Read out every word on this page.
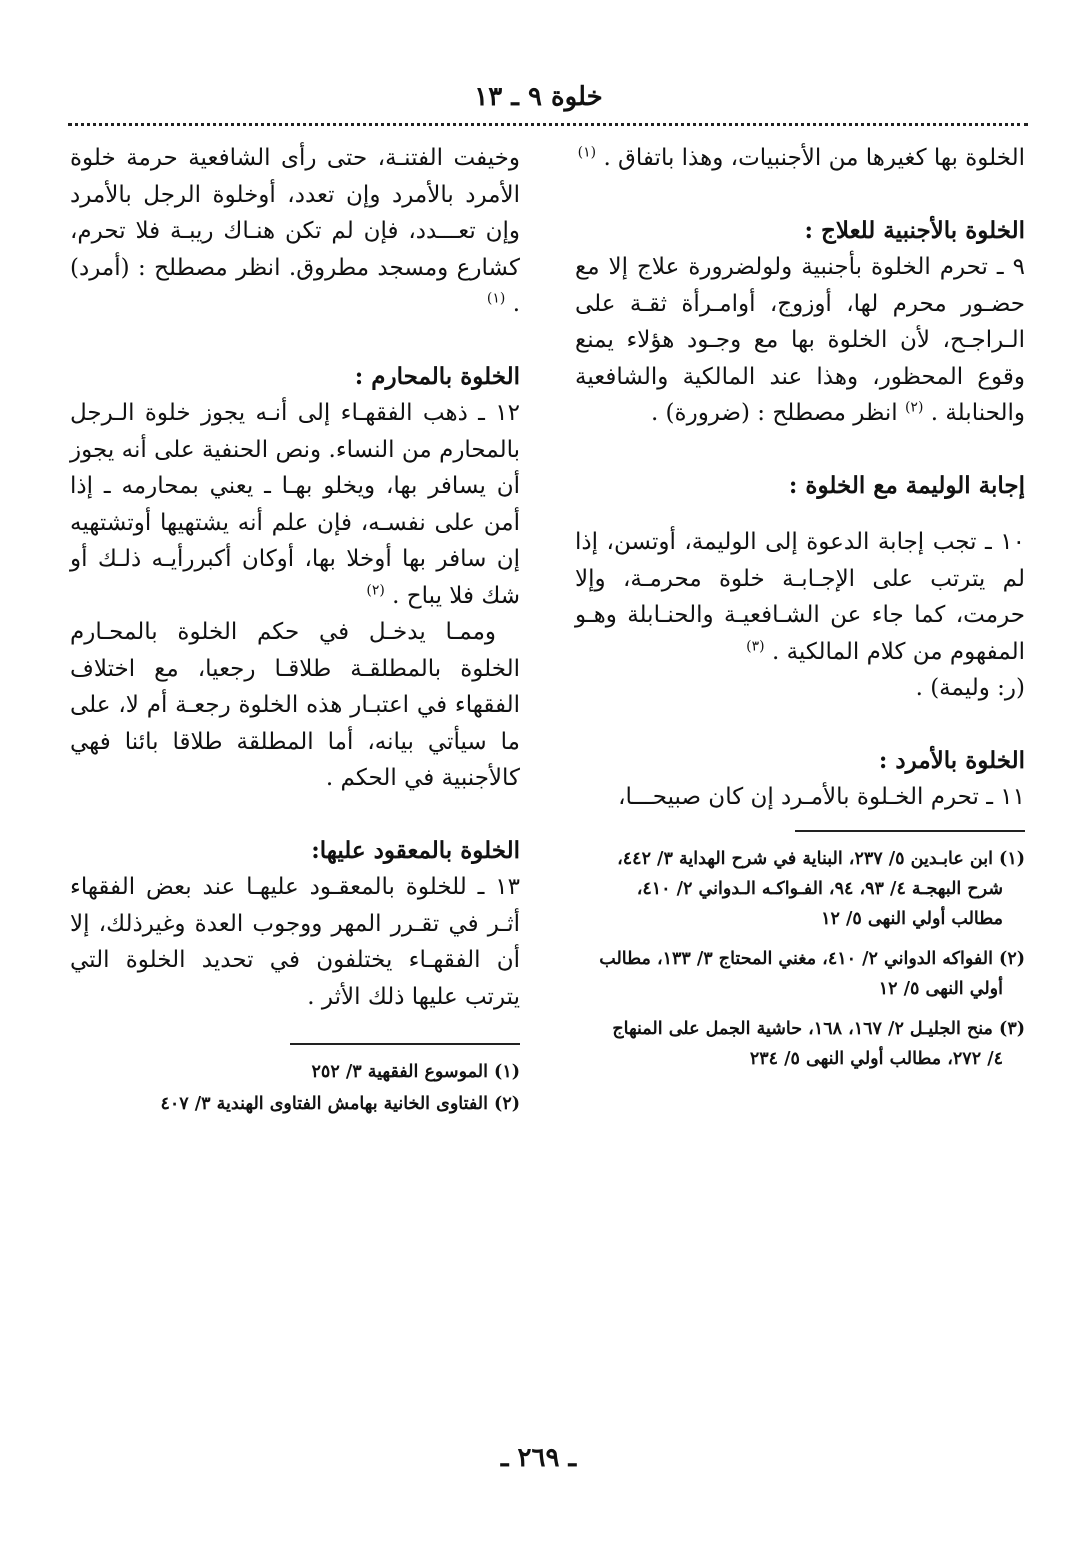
خلوة ٩ ـ ١٣

الخلوة بها كغيرها من الأجنبيات، وهذا باتفاق . $^{(١)}$

الخلوة بالأجنبية للعلاج :

٩ ـ تحرم الخلوة بأجنبية ولولضرورة علاج إلا مع حضـور محرم لها، أوزوج، أوامـرأة ثقـة على الـراجـح، لأن الخلوة بها مع وجـود هؤلاء يمنع وقوع المحظور، وهذا عند المالكية والشافعية والحنابلة . $^{(٢)}$ انظر مصطلح : (ضرورة) .

إجابة الوليمة مع الخلوة :

١٠ ـ تجب إجابة الدعوة إلى الوليمة، أوتسن، إذا لم يترتب على الإجـابـة خلوة محرمـة، وإلا حرمت، كما جاء عن الشـافعيـة والحنـابلة وهـو المفهوم من كلام المالكية . $^{(٣)}$

(ر: وليمة) .

الخلوة بالأمرد :

١١ ـ تحرم الخـلوة بالأمـرد إن كان صبيحـــا،

(١) ابن عابـدين ٥/ ٢٣٧، البناية في شرح الهداية ٣/ ٤٤٢،
شرح البهجـة ٤/ ٩٣، ٩٤، الفـواكـه الـدواني ٢/ ٤١٠،
مطالب أولي النهى ٥/ ١٢

(٢) الفواكه الدواني ٢/ ٤١٠، مغني المحتاج ٣/ ١٣٣، مطالب
أولي النهى ٥/ ١٢

(٣) منح الجليـل ٢/ ١٦٧، ١٦٨، حاشية الجمل على المنهاج
٤/ ٢٧٢، مطالب أولي النهى ٥/ ٢٣٤

وخيفت الفتنـة، حتى رأى الشافعية حرمة خلوة الأمرد بالأمرد وإن تعدد، أوخلوة الرجل بالأمرد وإن تعـــدد، فإن لم تكن هنـاك ريبـة فلا تحرم، كشارع ومسجد مطروق. انظر مصطلح : (أمرد) . $^{(١)}$

الخلوة بالمحارم :

١٢ ـ ذهب الفقهـاء إلى أنـه يجوز خلوة الـرجل بالمحارم من النساء. ونص الحنفية على أنه يجوز أن يسافر بها، ويخلو بهـا ـ يعني بمحارمه ـ إذا أمن على نفسـه، فإن علم أنه يشتهيها أوتشتهيه إن سافر بها أوخلا بها، أوكان أكبررأيـه ذلـك أو شك فلا يباح . $^{(٢)}$

وممـا يدخـل في حكم الخلوة بالمحـارم الخلوة بالمطلقـة طلاقـا رجعيا، مع اختلاف الفقهاء في اعتبـار هذه الخلوة رجعـة أم لا، على ما سيأتي بيانه، أما المطلقة طلاقا بائنا فهي كالأجنبية في الحكم .

الخلوة بالمعقود عليها:

١٣ ـ للخلوة بالمعقـود عليهـا عند بعض الفقهاء أثـر في تقـرر المهر ووجوب العدة وغيرذلك، إلا أن الفقهـاء يختلفون في تحديد الخلوة التي يترتب عليها ذلك الأثر .

(١) الموسوع الفقهية ٣/ ٢٥٢

(٢) الفتاوى الخانية بهامش الفتاوى الهندية ٣/ ٤٠٧

ـ ٢٦٩ ـ
